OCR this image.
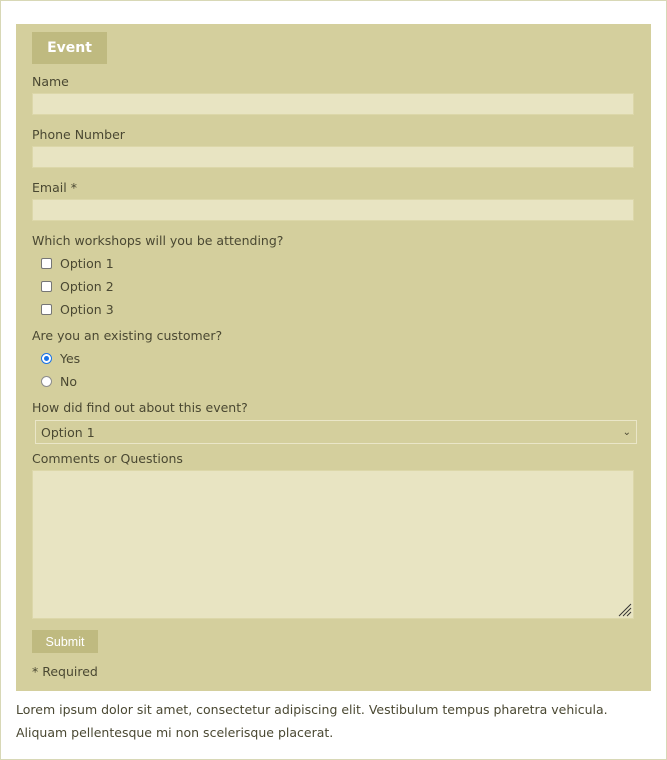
Event
Name
Phone Number
Email *
Which workshops will you be attending?
Option 1
Option 2
Option 3
Are you an existing customer?
Yes
No
How did find out about this event?
Option 1	⌄
Comments or Questions
Submit
* Required
Lorem ipsum dolor sit amet, consectetur adipiscing elit. Vestibulum tempus pharetra vehicula. Aliquam pellentesque mi non scelerisque placerat.
